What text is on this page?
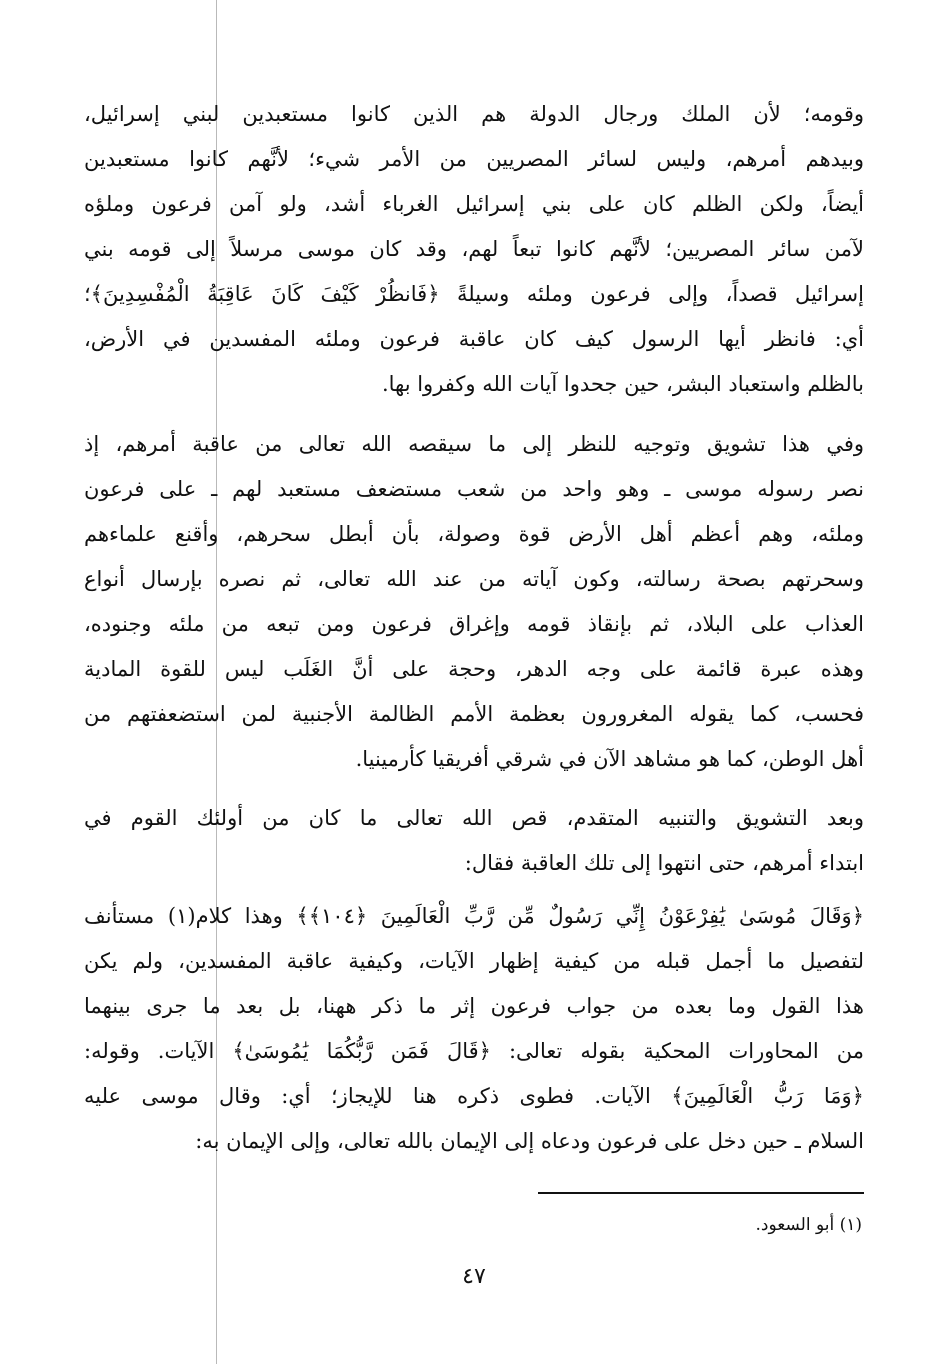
وقومه؛ لأن الملك ورجال الدولة هم الذين كانوا مستعبدين لبني إسرائيل،
وبيدهم أمرهم، وليس لسائر المصريين من الأمر شيء؛ لأنَّهم كانوا مستعبدين
أيضاً، ولكن الظلم كان على بني إسرائيل الغرباء أشد، ولو آمن فرعون وملؤه
لآمن سائر المصريين؛ لأنَّهم كانوا تبعاً لهم، وقد كان موسى مرسلاً إلى قومه بني
إسرائيل قصداً، وإلى فرعون وملئه وسيلةً ﴿فَانظُرْ كَيْفَ كَانَ عَاقِبَةُ الْمُفْسِدِينَ﴾؛
أي: فانظر أيها الرسول كيف كان عاقبة فرعون وملئه المفسدين في الأرض،
بالظلم واستعباد البشر، حين جحدوا آيات الله وكفروا بها.
وفي هذا تشويق وتوجيه للنظر إلى ما سيقصه الله تعالى من عاقبة أمرهم، إذ
نصر رسوله موسى ـ وهو واحد من شعب مستضعف مستعبد لهم ـ على فرعون
وملئه، وهم أعظم أهل الأرض قوة وصولة، بأن أبطل سحرهم، وأقنع علماءهم
وسحرتهم بصحة رسالته، وكون آياته من عند الله تعالى، ثم نصره بإرسال أنواع
العذاب على البلاد، ثم بإنقاذ قومه وإغراق فرعون ومن تبعه من ملئه وجنوده،
وهذه عبرة قائمة على وجه الدهر، وحجة على أنَّ الغَلَب ليس للقوة المادية
فحسب، كما يقوله المغرورون بعظمة الأمم الظالمة الأجنبية لمن استضعفتهم من
أهل الوطن، كما هو مشاهد الآن في شرقي أفريقيا كأرمينيا.
وبعد التشويق والتنبيه المتقدم، قص الله تعالى ما كان من أولئك القوم في
ابتداء أمرهم، حتى انتهوا إلى تلك العاقبة فقال:
﴿وَقَالَ مُوسَىٰ يَٰفِرْعَوْنُ إِنِّي رَسُولٌ مِّن رَّبِّ الْعَالَمِينَ ﴿١٠٤﴾﴾ وهذا كلام(١) مستأنف
لتفصيل ما أجمل قبله من كيفية إظهار الآيات، وكيفية عاقبة المفسدين، ولم يكن
هذا القول وما بعده من جواب فرعون إثر ما ذكر ههنا، بل بعد ما جرى بينهما
من المحاورات المحكية بقوله تعالى: ﴿قَالَ فَمَن رَّبُّكُمَا يَٰمُوسَىٰ﴾ الآيات. وقوله:
﴿وَمَا رَبُّ الْعَالَمِينَ﴾ الآيات. فطوى ذكره هنا للإيجاز؛ أي: وقال موسى عليه
السلام ـ حين دخل على فرعون ودعاه إلى الإيمان بالله تعالى، وإلى الإيمان به:
(١) أبو السعود.
٤٧
